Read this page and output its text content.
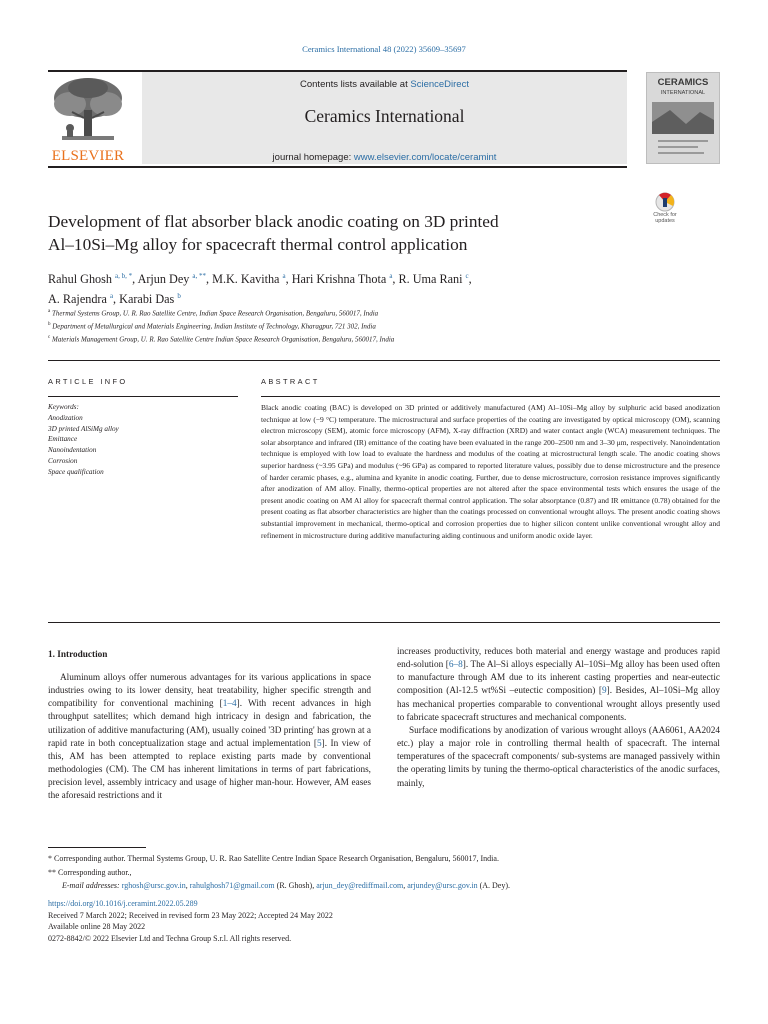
Ceramics International 48 (2022) 35609–35697
ELSEVIER
Contents lists available at ScienceDirect
Ceramics International
journal homepage: www.elsevier.com/locate/ceramint
CERAMICS
INTERNATIONAL
Check for updates
Development of flat absorber black anodic coating on 3D printed
Al–10Si–Mg alloy for spacecraft thermal control application
Rahul Ghosh $^{a, b, *}$, Arjun Dey $^{a, **}$, M.K. Kavitha $^a$, Hari Krishna Thota $^a$, R. Uma Rani $^c$,
A. Rajendra $^a$, Karabi Das $^b$
$^a$ Thermal Systems Group, U. R. Rao Satellite Centre, Indian Space Research Organisation, Bengaluru, 560017, India
$^b$ Department of Metallurgical and Materials Engineering, Indian Institute of Technology, Kharagpur, 721 302, India
$^c$ Materials Management Group, U. R. Rao Satellite Centre Indian Space Research Organisation, Bengaluru, 560017, India
ARTICLE INFO	ABSTRACT
Keywords:
Anodization
3D printed AlSiMg alloy
Emittance
Nanoindentation
Corrosion
Space qualification
Black anodic coating (BAC) is developed on 3D printed or additively manufactured (AM) Al–10Si–Mg alloy by sulphuric acid based anodization technique at low (−9 °C) temperature. The microstructural and surface properties of the coating are investigated by optical microscopy (OM), scanning electron microscopy (SEM), atomic force microscopy (AFM), X-ray diffraction (XRD) and water contact angle (WCA) measurement techniques. The solar absorptance and infrared (IR) emittance of the coating have been evaluated in the range 200–2500 nm and 3–30 μm, respectively. Nanoindentation technique is employed with low load to evaluate the hardness and modulus of the coating at microstructural length scale. The anodic coating shows superior hardness (~3.95 GPa) and modulus (~96 GPa) as compared to reported literature values, possibly due to dense microstructure and the presence of harder ceramic phases, e.g., alumina and kyanite in anodic coating. Further, due to dense microstructure, corrosion resistance improves significantly after anodization of AM alloy. Finally, thermo-optical properties are not altered after the space environmental tests which ensures the usage of the present anodic coating on AM Al alloy for spacecraft thermal control application. The solar absorptance (0.87) and IR emittance (0.78) obtained for the present coating as flat absorber characteristics are higher than the coatings processed on conventional wrought alloys. The present anodic coating shows substantial improvement in mechanical, thermo-optical and corrosion properties due to higher silicon content unlike conventional wrought alloy and refinement in microstructure during additive manufacturing aiding continuous and uniform anodic oxide layer.
1. Introduction

Aluminum alloys offer numerous advantages for its various applications in space industries owing to its lower density, heat treatability, higher specific strength and compatibility for conventional machining [1–4]. With recent advances in high throughput satellites; which demand high intricacy in design and fabrication, the utilization of additive manufacturing (AM), usually coined '3D printing' has grown at a rapid rate in both conceptualization stage and actual implementation [5]. In view of this, AM has been attempted to replace existing parts made by conventional methodologies (CM). The CM has inherent limitations in terms of part fabrications, precision level, assembly intricacy and usage of higher man-hour. However, AM eases the aforesaid restrictions and it

increases productivity, reduces both material and energy wastage and produces rapid end-solution [6–8]. The Al–Si alloys especially Al–10Si–Mg alloy has been used often to manufacture through AM due to its inherent casting properties and near-eutectic composition (Al-12.5 wt%Si –eutectic composition) [9]. Besides, Al–10Si–Mg alloy has mechanical properties comparable to conventional wrought alloys presently used to fabricate spacecraft structures and mechanical components.

Surface modifications by anodization of various wrought alloys (AA6061, AA2024 etc.) play a major role in controlling thermal health of spacecraft. The internal temperatures of the spacecraft components/ sub-systems are managed passively within the operating limits by tuning the thermo-optical characteristics of the anodic surfaces, mainly,

* Corresponding author. Thermal Systems Group, U. R. Rao Satellite Centre Indian Space Research Organisation, Bengaluru, 560017, India.
** Corresponding author.,
E-mail addresses: rghosh@ursc.gov.in, rahulghosh71@gmail.com (R. Ghosh), arjun_dey@rediffmail.com, arjundey@ursc.gov.in (A. Dey).
https://doi.org/10.1016/j.ceramint.2022.05.289
Received 7 March 2022; Received in revised form 23 May 2022; Accepted 24 May 2022
Available online 28 May 2022
0272-8842/© 2022 Elsevier Ltd and Techna Group S.r.l. All rights reserved.
